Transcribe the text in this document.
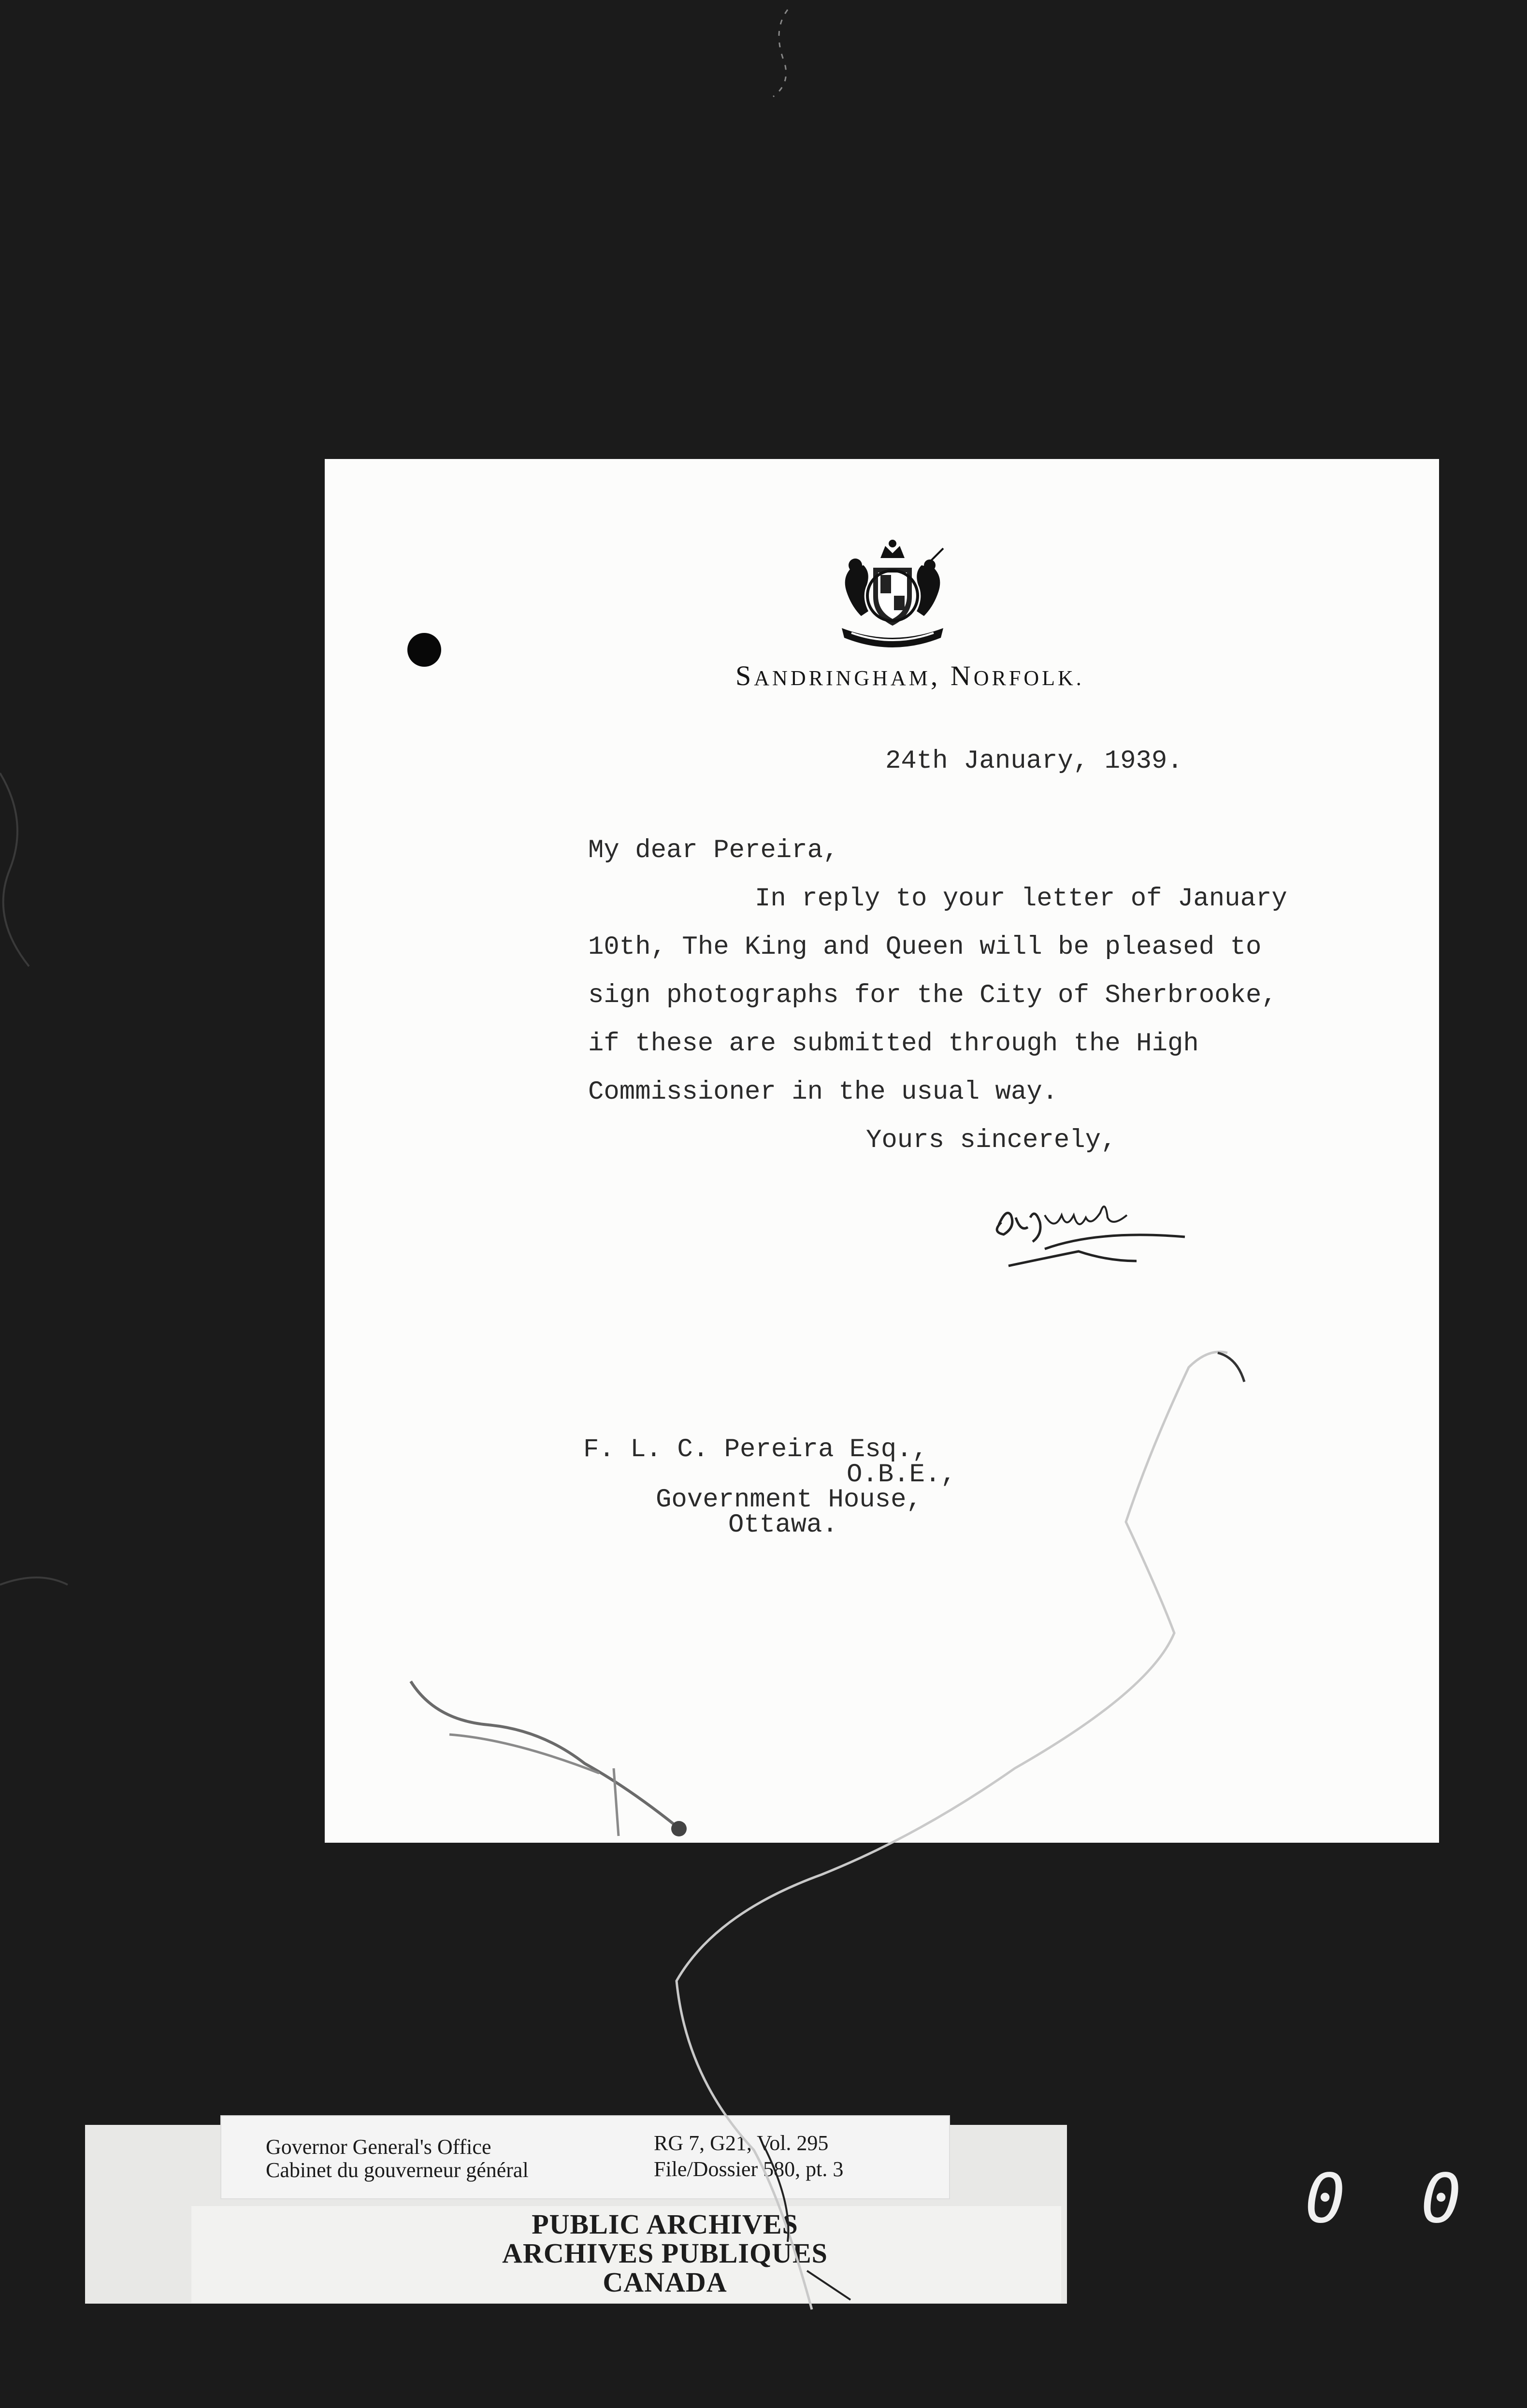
SANDRINGHAM, NORFOLK.

24th January, 1939.

My dear Pereira,

In reply to your letter of January

10th, The King and Queen will be pleased to

sign photographs for the City of Sherbrooke,

if these are submitted through the High

Commissioner in the usual way.

Yours sincerely,

F. L. C. Pereira Esq.,

O.B.E.,

Government House,

Ottawa.

PUBLIC ARCHIVES

ARCHIVES PUBLIQUES

CANADA

Governor General's Office
Cabinet du gouverneur général
RG 7, G21, Vol. 295
File/Dossier 580, pt. 3	0 0
